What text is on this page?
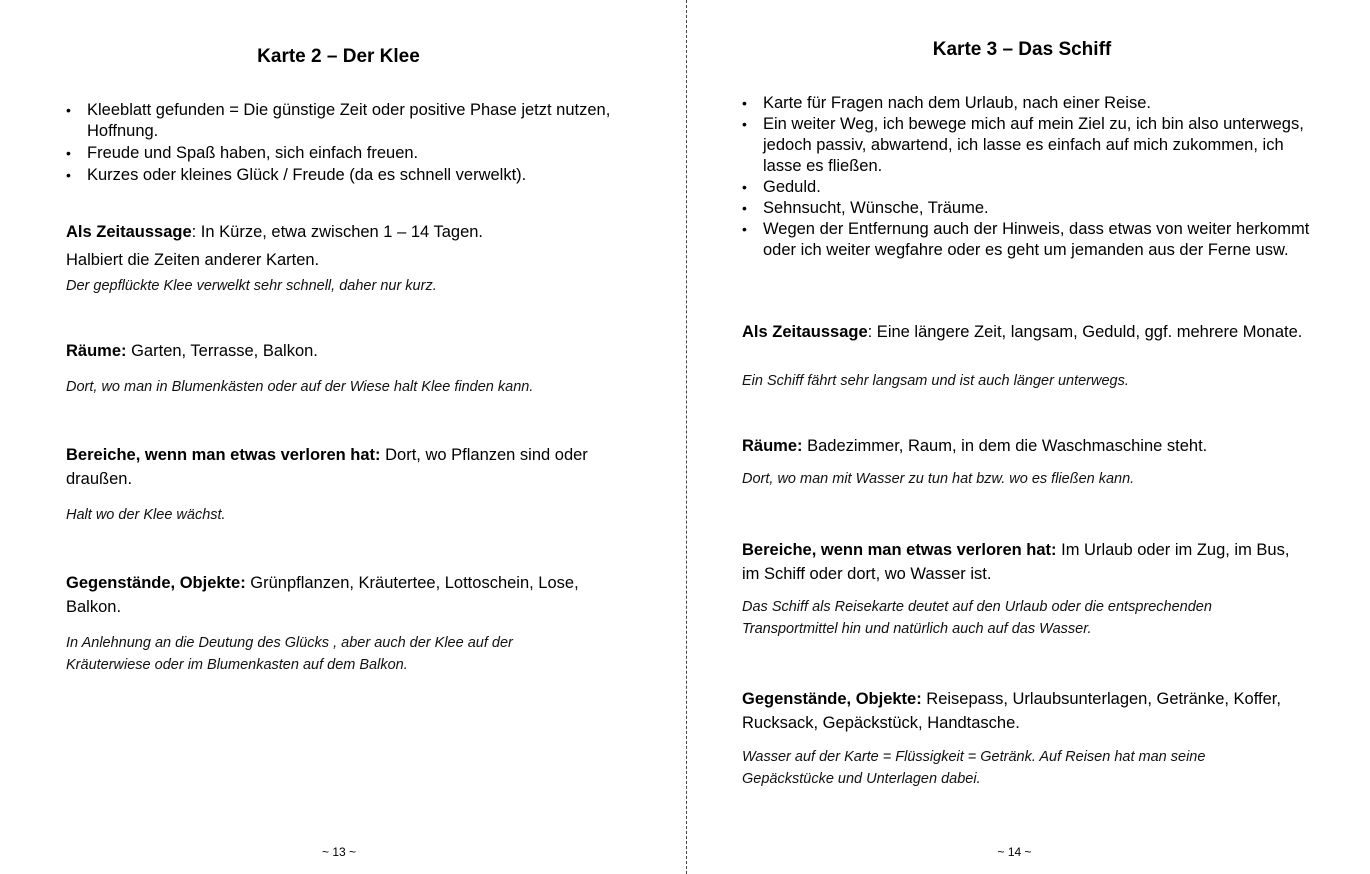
Karte 2 – Der Klee
• Kleeblatt gefunden = Die günstige Zeit oder positive Phase jetzt nutzen, Hoffnung.
• Freude und Spaß haben, sich einfach freuen.
• Kurzes oder kleines Glück / Freude (da es schnell verwelkt).

Als Zeitaussage: In Kürze, etwa zwischen 1 – 14 Tagen.

Halbiert die Zeiten anderer Karten.

Der gepflückte Klee verwelkt sehr schnell, daher nur kurz.

Räume: Garten, Terrasse, Balkon.

Dort, wo man in Blumenkästen oder auf der Wiese halt Klee finden kann.

Bereiche, wenn man etwas verloren hat: Dort, wo Pflanzen sind oder draußen.

Halt wo der Klee wächst.

Gegenstände, Objekte: Grünpflanzen, Kräutertee, Lottoschein, Lose, Balkon.

In Anlehnung an die Deutung des Glücks , aber auch der Klee auf der Kräuterwiese oder im Blumenkasten auf dem Balkon.

~ 13 ~
Karte 3 – Das Schiff
• Karte für Fragen nach dem Urlaub, nach einer Reise.
• Ein weiter Weg, ich bewege mich auf mein Ziel zu, ich bin also unterwegs, jedoch passiv, abwartend, ich lasse es einfach auf mich zukommen, ich lasse es fließen.
• Geduld.
• Sehnsucht, Wünsche, Träume.
• Wegen der Entfernung auch der Hinweis, dass etwas von weiter herkommt oder ich weiter wegfahre oder es geht um jemanden aus der Ferne usw.

Als Zeitaussage: Eine längere Zeit, langsam, Geduld, ggf. mehrere Monate.

Ein Schiff fährt sehr langsam und ist auch länger unterwegs.

Räume: Badezimmer, Raum, in dem die Waschmaschine steht.

Dort, wo man mit Wasser zu tun hat bzw. wo es fließen kann.

Bereiche, wenn man etwas verloren hat: Im Urlaub oder im Zug, im Bus, im Schiff oder dort, wo Wasser ist.

Das Schiff als Reisekarte deutet auf den Urlaub oder die entsprechenden Transportmittel hin und natürlich auch auf das Wasser.

Gegenstände, Objekte: Reisepass, Urlaubsunterlagen, Getränke, Koffer, Rucksack, Gepäckstück, Handtasche.

Wasser auf der Karte = Flüssigkeit = Getränk. Auf Reisen hat man seine Gepäckstücke und Unterlagen dabei.

~ 14 ~
